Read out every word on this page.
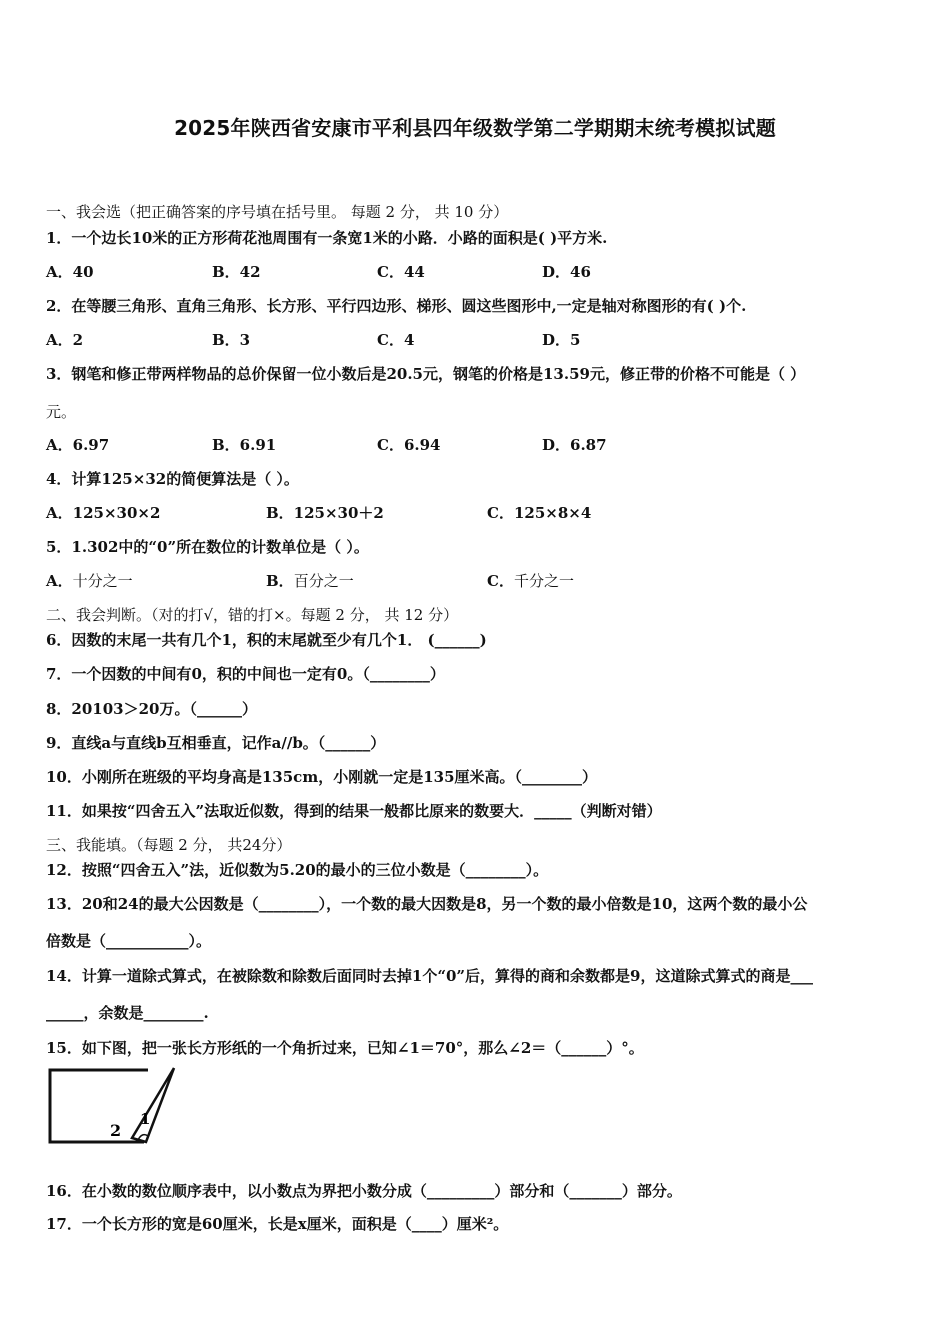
2025年陕西省安康市平利县四年级数学第二学期期末统考模拟试题
一、我会选（把正确答案的序号填在括号里。 每题 2 分， 共 10 分）
1．一个边长10米的正方形荷花池周围有一条宽1米的小路．小路的面积是( )平方米.
A．40	B．42	C．44	D．46
2．在等腰三角形、直角三角形、长方形、平行四边形、梯形、圆这些图形中,一定是轴对称图形的有( )个.
A．2	B．3	C．4	D．5
3．钢笔和修正带两样物品的总价保留一位小数后是20.5元，钢笔的价格是13.59元，修正带的价格不可能是（ ）
元。
A．6.97	B．6.91	C．6.94	D．6.87
4．计算125×32的简便算法是（ ）。
A．125×30×2	B．125×30＋2	C．125×8×4
5．1.302中的“0”所在数位的计数单位是（ ）。
A．十分之一	B．百分之一	C．千分之一
二、我会判断。（对的打√，错的打×。每题 2 分， 共 12 分）
6．因数的末尾一共有几个1，积的末尾就至少有几个1． (______)
7．一个因数的中间有0，积的中间也一定有0。（________）
8．20103＞20万。（______）
9．直线a与直线b互相垂直，记作a//b。（______）
10．小刚所在班级的平均身高是135cm，小刚就一定是135厘米高。（________）
11．如果按“四舍五入”法取近似数，得到的结果一般都比原来的数要大．_____（判断对错）
三、我能填。（每题 2 分， 共24分）
12．按照“四舍五入”法，近似数为5.20的最小的三位小数是（________）。
13．20和24的最大公因数是（________），一个数的最大因数是8，另一个数的最小倍数是10，这两个数的最小公
倍数是（___________）。
14．计算一道除式算式，在被除数和除数后面同时去掉1个“0”后，算得的商和余数都是9，这道除式算式的商是___
_____，余数是________.
15．如下图，把一张长方形纸的一个角折过来，已知∠1＝70°，那么∠2＝（______）°。
1
2
16．在小数的数位顺序表中，以小数点为界把小数分成（_________）部分和（_______）部分。
17．一个长方形的宽是60厘米，长是x厘米，面积是（____）厘米²。
